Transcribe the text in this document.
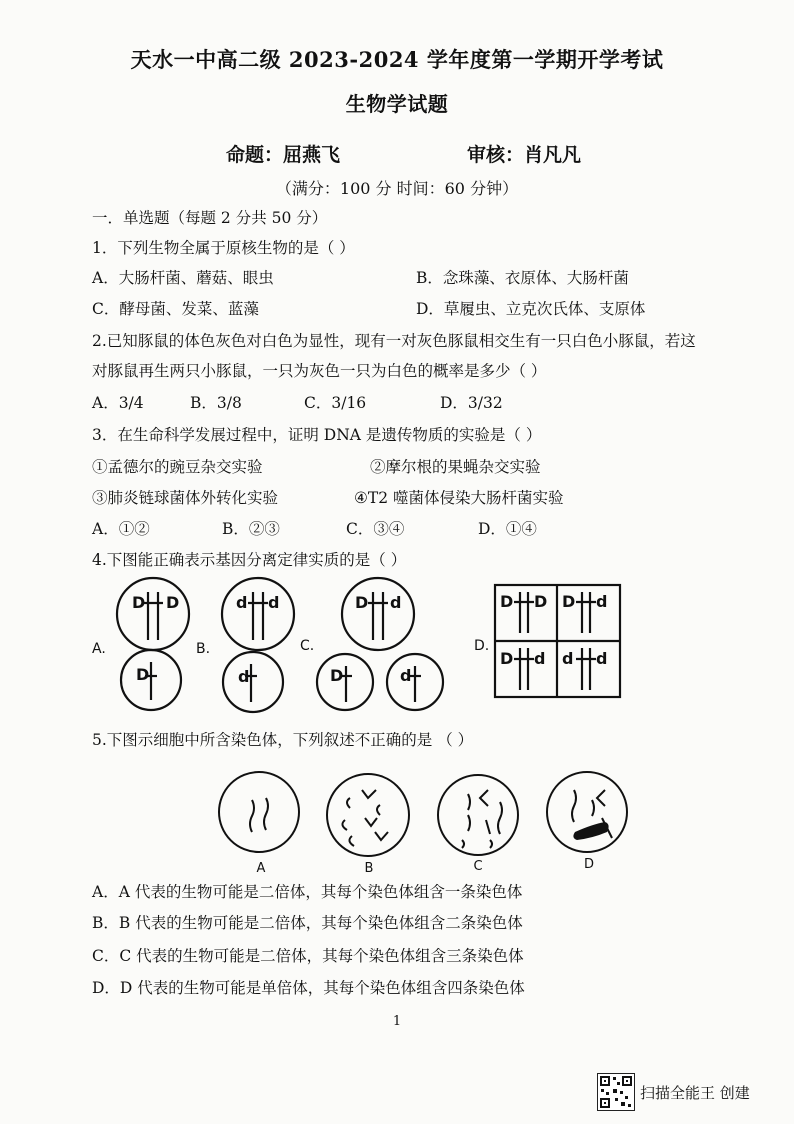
天水一中高二级 2023-2024 学年度第一学期开学考试
生物学试题
命题：屈燕飞	审核：肖凡凡
（满分：100 分 时间：60 分钟）
一．单选题（每题 2 分共 50 分）
1．下列生物全属于原核生物的是（ ）
A．大肠杆菌、蘑菇、眼虫	B．念珠藻、衣原体、大肠杆菌
C．酵母菌、发菜、蓝藻	D．草履虫、立克次氏体、支原体
2.已知豚鼠的体色灰色对白色为显性，现有一对灰色豚鼠相交生有一只白色小豚鼠，若这
对豚鼠再生两只小豚鼠，一只为灰色一只为白色的概率是多少（ ）
A．3/4	B．3/8	C．3/16	D．3/32
3．在生命科学发展过程中，证明 DNA 是遗传物质的实验是（ ）
①孟德尔的豌豆杂交实验	②摩尔根的果蝇杂交实验
③肺炎链球菌体外转化实验	④T2 噬菌体侵染大肠杆菌实验
A．①②	B．②③	C．③④	D．①④
4.下图能正确表示基因分离定律实质的是（ ）
D D
D
d d
d
D d
D	d
D D D d
D d d d
A.	B.	C.	D.
5.下图示细胞中所含染色体，下列叙述不正确的是 （ ）
A	B	C	D
A．A 代表的生物可能是二倍体，其每个染色体组含一条染色体
B．B 代表的生物可能是二倍体，其每个染色体组含二条染色体
C．C 代表的生物可能是二倍体，其每个染色体组含三条染色体
D．D 代表的生物可能是单倍体，其每个染色体组含四条染色体
1
扫描全能王 创建
